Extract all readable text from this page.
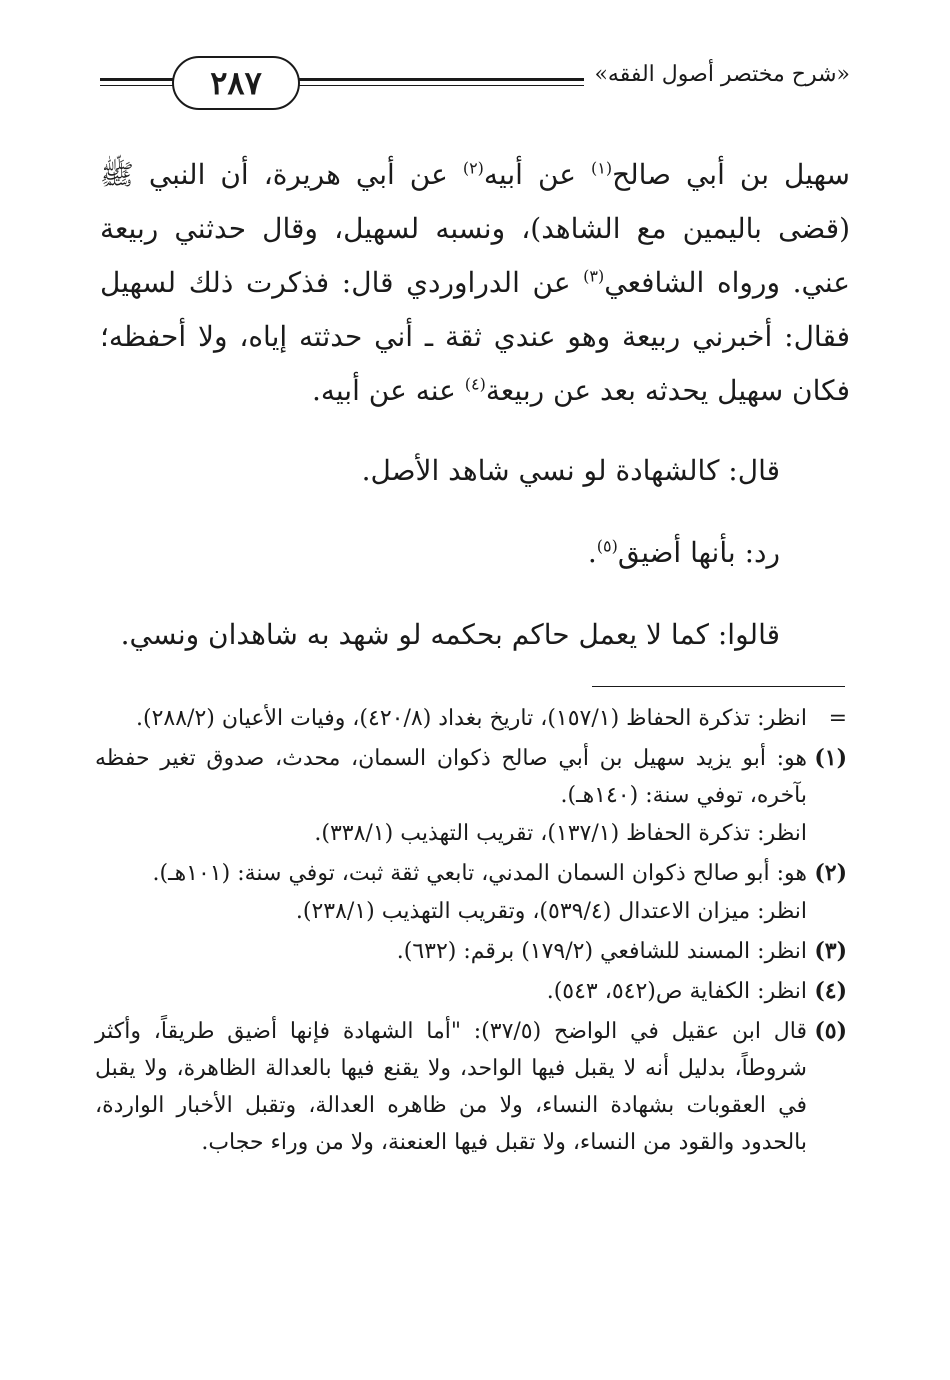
٢٨٧	«شرح مختصر أصول الفقه»

سهيل بن أبي صالح$^{(١)}$ عن أبيه$^{(٢)}$ عن أبي هريرة، أن النبي ﷺ (قضى باليمين مع الشاهد)، ونسبه لسهيل، وقال حدثني ربيعة عني. ورواه الشافعي$^{(٣)}$ عن الدراوردي قال: فذكرت ذلك لسهيل فقال: أخبرني ربيعة وهو عندي ثقة ـ أني حدثته إياه، ولا أحفظه؛ فكان سهيل يحدثه بعد عن ربيعة$^{(٤)}$ عنه عن أبيه.

قال: كالشهادة لو نسي شاهد الأصل.

رد: بأنها أضيق$^{(٥)}$.

قالوا: كما لا يعمل حاكم بحكمه لو شهد به شاهدان ونسي.

=

انظر: تذكرة الحفاظ (١٥٧/١)، تاريخ بغداد (٤٢٠/٨)، وفيات الأعيان (٢٨٨/٢).

(١)

هو: أبو يزيد سهيل بن أبي صالح ذكوان السمان، محدث، صدوق تغير حفظه بآخره، توفي سنة: (١٤٠هـ).

انظر: تذكرة الحفاظ (١٣٧/١)، تقريب التهذيب (٣٣٨/١).

(٢)

هو: أبو صالح ذكوان السمان المدني، تابعي ثقة ثبت، توفي سنة: (١٠١هـ).

انظر: ميزان الاعتدال (٥٣٩/٤)، وتقريب التهذيب (٢٣٨/١).

(٣)

انظر: المسند للشافعي (١٧٩/٢) برقم: (٦٣٢).

(٤)

انظر: الكفاية ص(٥٤٢، ٥٤٣).

(٥)

قال ابن عقيل في الواضح (٣٧/٥): "أما الشهادة فإنها أضيق طريقاً، وأكثر شروطاً، بدليل أنه لا يقبل فيها الواحد، ولا يقنع فيها بالعدالة الظاهرة، ولا يقبل في العقوبات بشهادة النساء، ولا من ظاهره العدالة، وتقبل الأخبار الواردة، بالحدود والقود من النساء، ولا تقبل فيها العنعنة، ولا من وراء حجاب.
